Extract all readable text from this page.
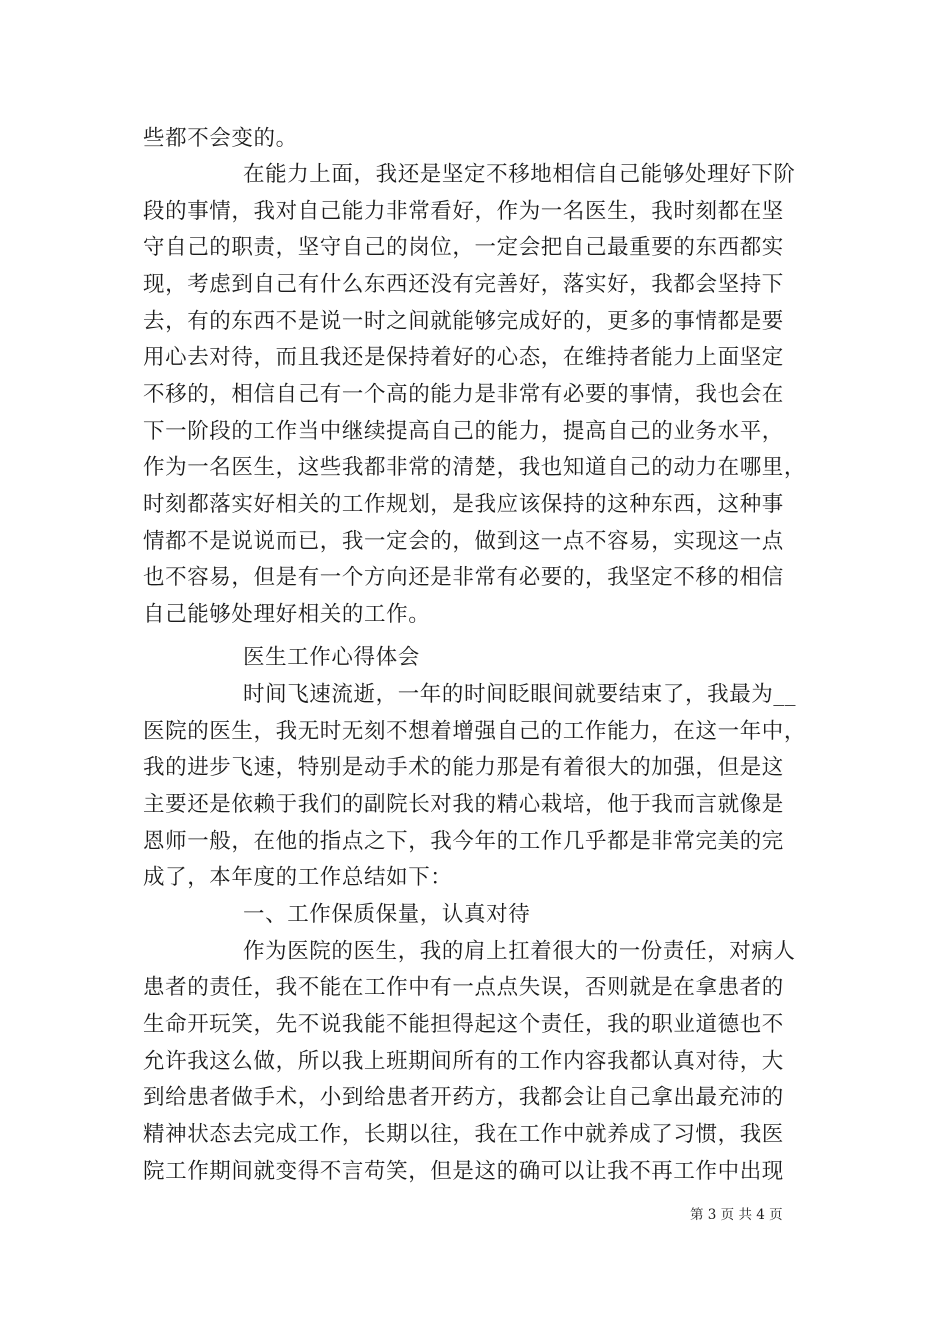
些都不会变的。
在能力上面，我还是坚定不移地相信自己能够处理好下阶
段的事情，我对自己能力非常看好，作为一名医生，我时刻都在坚
守自己的职责，坚守自己的岗位，一定会把自己最重要的东西都实
现，考虑到自己有什么东西还没有完善好，落实好，我都会坚持下
去，有的东西不是说一时之间就能够完成好的，更多的事情都是要
用心去对待，而且我还是保持着好的心态，在维持者能力上面坚定
不移的，相信自己有一个高的能力是非常有必要的事情，我也会在
下一阶段的工作当中继续提高自己的能力，提高自己的业务水平，
作为一名医生，这些我都非常的清楚，我也知道自己的动力在哪里，
时刻都落实好相关的工作规划，是我应该保持的这种东西，这种事
情都不是说说而已，我一定会的，做到这一点不容易，实现这一点
也不容易，但是有一个方向还是非常有必要的，我坚定不移的相信
自己能够处理好相关的工作。
医生工作心得体会
时间飞速流逝，一年的时间眨眼间就要结束了，我最为__
医院的医生，我无时无刻不想着增强自己的工作能力，在这一年中，
我的进步飞速，特别是动手术的能力那是有着很大的加强，但是这
主要还是依赖于我们的副院长对我的精心栽培，他于我而言就像是
恩师一般，在他的指点之下，我今年的工作几乎都是非常完美的完
成了，本年度的工作总结如下：
一、工作保质保量，认真对待
作为医院的医生，我的肩上扛着很大的一份责任，对病人
患者的责任，我不能在工作中有一点点失误，否则就是在拿患者的
生命开玩笑，先不说我能不能担得起这个责任，我的职业道德也不
允许我这么做，所以我上班期间所有的工作内容我都认真对待，大
到给患者做手术，小到给患者开药方，我都会让自己拿出最充沛的
精神状态去完成工作，长期以往，我在工作中就养成了习惯，我医
院工作期间就变得不言苟笑，但是这的确可以让我不再工作中出现
第 3 页 共 4 页
